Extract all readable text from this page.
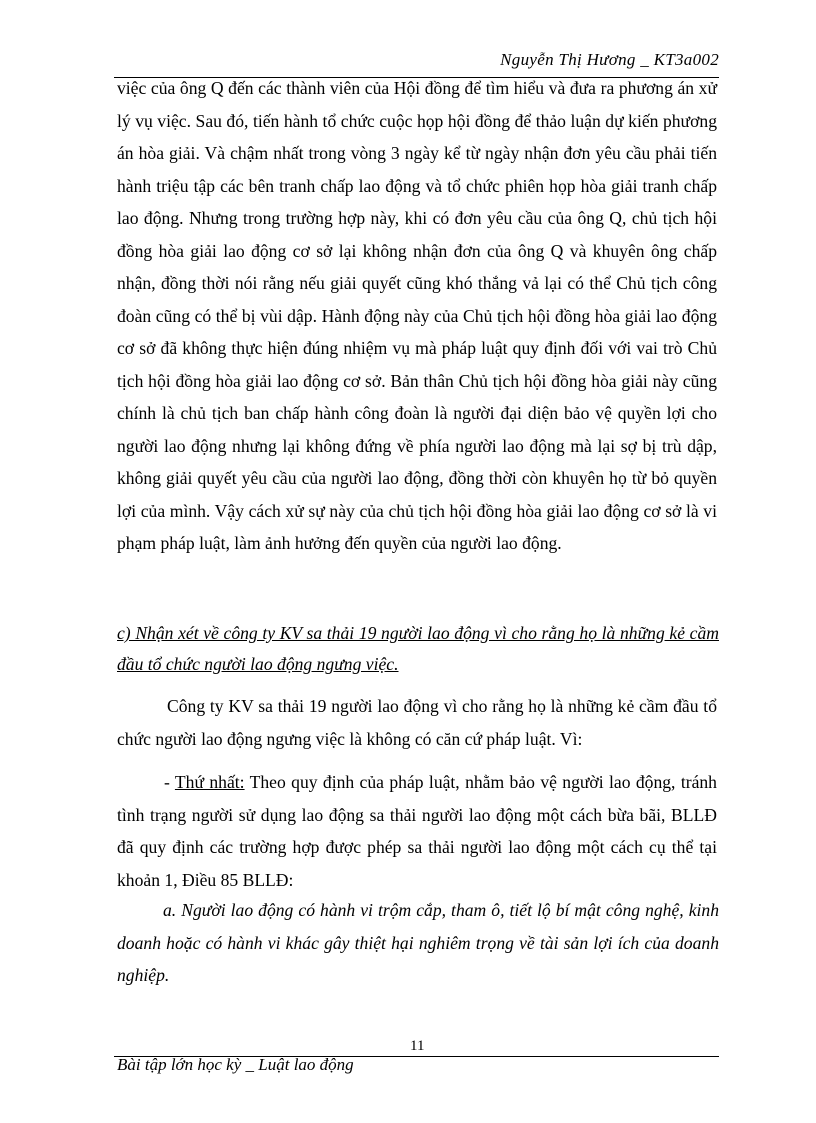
Nguyễn Thị Hương _ KT3a002

việc của ông Q đến các thành viên của Hội đồng để tìm hiểu và đưa ra phương án xử lý vụ việc. Sau đó, tiến hành tổ chức cuộc họp hội đồng để thảo luận dự kiến phương án hòa giải. Và chậm nhất trong vòng 3 ngày kể từ ngày nhận đơn yêu cầu phải tiến hành triệu tập các bên tranh chấp lao động và tổ chức phiên họp hòa giải tranh chấp lao động. Nhưng trong trường hợp này, khi có đơn yêu cầu của ông Q, chủ tịch hội đồng hòa giải lao động cơ sở lại không nhận đơn của ông Q và khuyên ông chấp nhận, đồng thời nói rằng nếu giải quyết cũng khó thắng vả lại có thể Chủ tịch công đoàn cũng có thể bị vùi dập. Hành động này của Chủ tịch hội đồng hòa giải lao động cơ sở đã không thực hiện đúng nhiệm vụ mà pháp luật quy định đối với vai trò Chủ tịch hội đồng hòa giải lao động cơ sở. Bản thân Chủ tịch hội đồng hòa giải này cũng chính là chủ tịch ban chấp hành công đoàn là người đại diện bảo vệ quyền lợi cho người lao động nhưng lại không đứng về phía người lao động mà lại sợ bị trù dập, không giải quyết yêu cầu của người lao động, đồng thời còn khuyên họ từ bỏ quyền lợi của mình. Vậy cách xử sự này của chủ tịch hội đồng hòa giải lao động cơ sở là vi phạm pháp luật, làm ảnh hưởng đến quyền của người lao động.

c) Nhận xét về công ty KV sa thải 19 người lao động vì cho rằng họ là những kẻ cầm đầu tổ chức người lao động ngưng việc.
Công ty KV sa thải 19 người lao động vì cho rằng họ là những kẻ cầm đầu tổ chức người lao động ngưng việc là không có căn cứ pháp luật. Vì:
- Thứ nhất: Theo quy định của pháp luật, nhằm bảo vệ người lao động, tránh tình trạng người sử dụng lao động sa thải người lao động một cách bừa bãi, BLLĐ đã quy định các trường hợp được phép sa thải người lao động một cách cụ thể tại khoản 1, Điều 85 BLLĐ:
a. Người lao động có hành vi trộm cắp, tham ô, tiết lộ bí mật công nghệ, kinh doanh hoặc có hành vi khác gây thiệt hại nghiêm trọng về tài sản lợi ích của doanh nghiệp.
11
Bài tập lớn học kỳ _ Luật lao động
